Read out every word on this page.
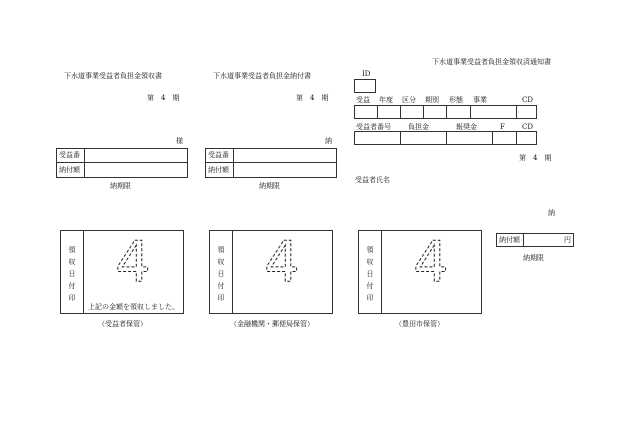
下水道事業受益者負担金領収書
第　4　期
様
受益番
納付額
納期限
領
収
日
付
印
4
上記の金額を領収しました。
（受益者保管）
下水道事業受益者負担金納付書
第　4　期
納
受益番
納付額
納期限
領
収
日
付
印
4
（金融機関・郵便局保管）
下水道事業受益者負担金領収済通知書
ID
受益 年度 区分 期別 形態 事業	CD
受益者番号 負担金	報奨金	F CD
第　4　期
受益者氏名
納
領
収
日
付
印
4
（豊田市保管）
納付額	円
納期限
